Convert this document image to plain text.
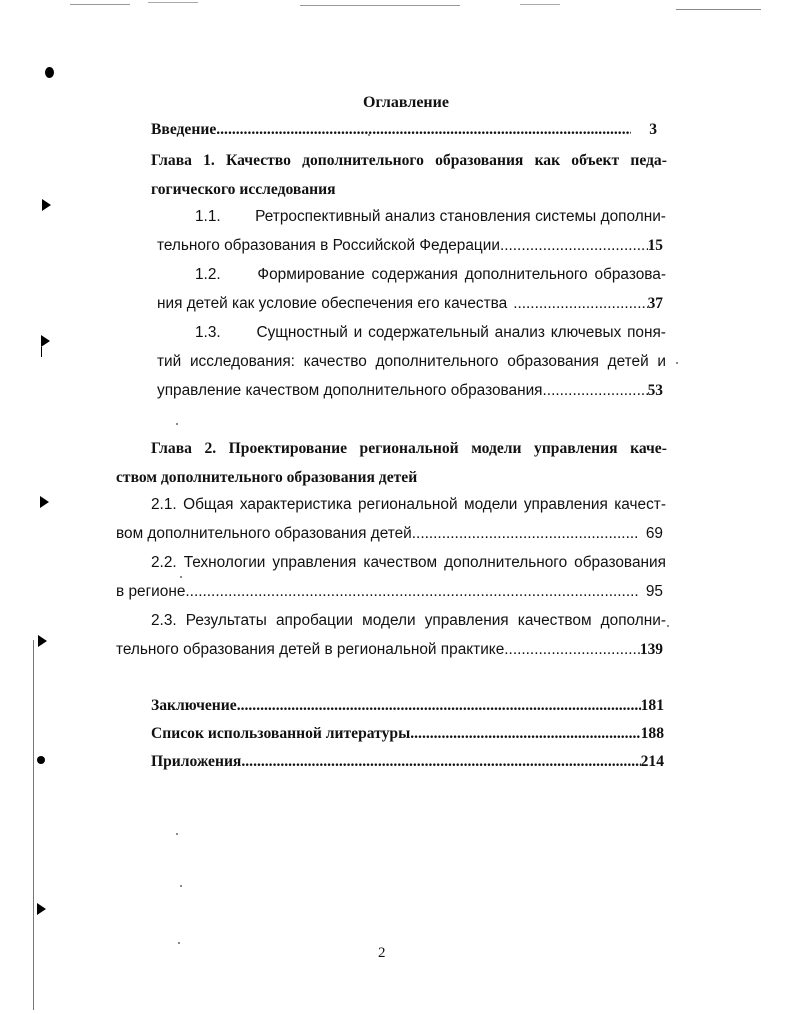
Оглавление
Введение .....	3
Глава 1. Качество дополнительного образования как объект педа-
гогического исследования
1.1. Ретроспективный анализ становления системы дополни-
тельного образования в Российской Федерации .....	15
1.2. Формирование содержания дополнительного образова-
ния детей как условие обеспечения его качества .....	37
1.3. Сущностный и содержательный анализ ключевых поня-
тий исследования: качество дополнительного образования детей и
управление качеством дополнительного образования .....	53
Глава 2. Проектирование региональной модели управления каче-
ством дополнительного образования детей
2.1. Общая характеристика региональной модели управления качест-
вом дополнительного образования детей .....	69
2.2. Технологии управления качеством дополнительного образования
в регионе .....	95
2.3. Результаты апробации модели управления качеством дополни-
тельного образования детей в региональной практике .....	139
Заключение .....	181
Список использованной литературы .....	188
Приложения .....	214
2
